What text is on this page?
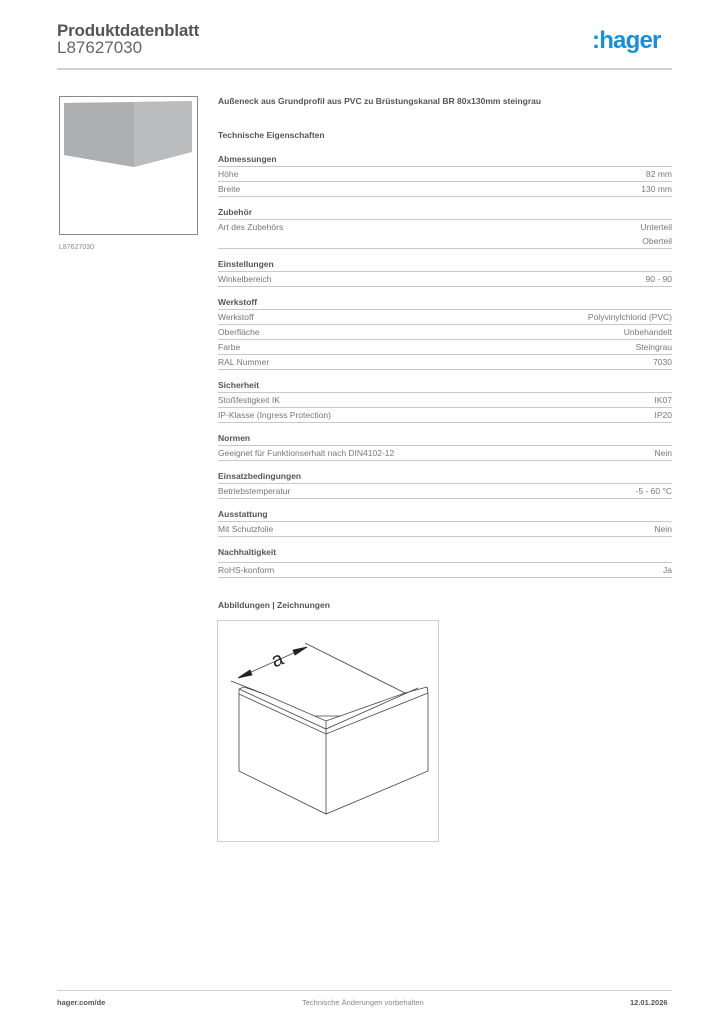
Produktdatenblatt
L87627030	:hager
L87627030
Außeneck aus Grundprofil aus PVC zu Brüstungskanal BR 80x130mm steingrau
Technische Eigenschaften
Abmessungen
Höhe	82 mm
Breite	130 mm
Zubehör
Art des Zubehörs	Unterteil
Oberteil
Einstellungen
Winkelbereich	90 - 90
Werkstoff
Werkstoff	Polyvinylchlorid (PVC)
Oberfläche	Unbehandelt
Farbe	Steingrau
RAL Nummer	7030
Sicherheit
Stoßfestigkeit IK	IK07
IP-Klasse (Ingress Protection)	IP20
Normen
Geeignet für Funktionserhalt nach DIN4102-12	Nein
Einsatzbedingungen
Betriebstemperatur	-5 - 60 °C
Ausstattung
Mit Schutzfolie	Nein
Nachhaltigkeit
RoHS-konform	Ja
Abbildungen | Zeichnungen
a
hager.com/de	Technische Änderungen vorbehalten	12.01.2026
